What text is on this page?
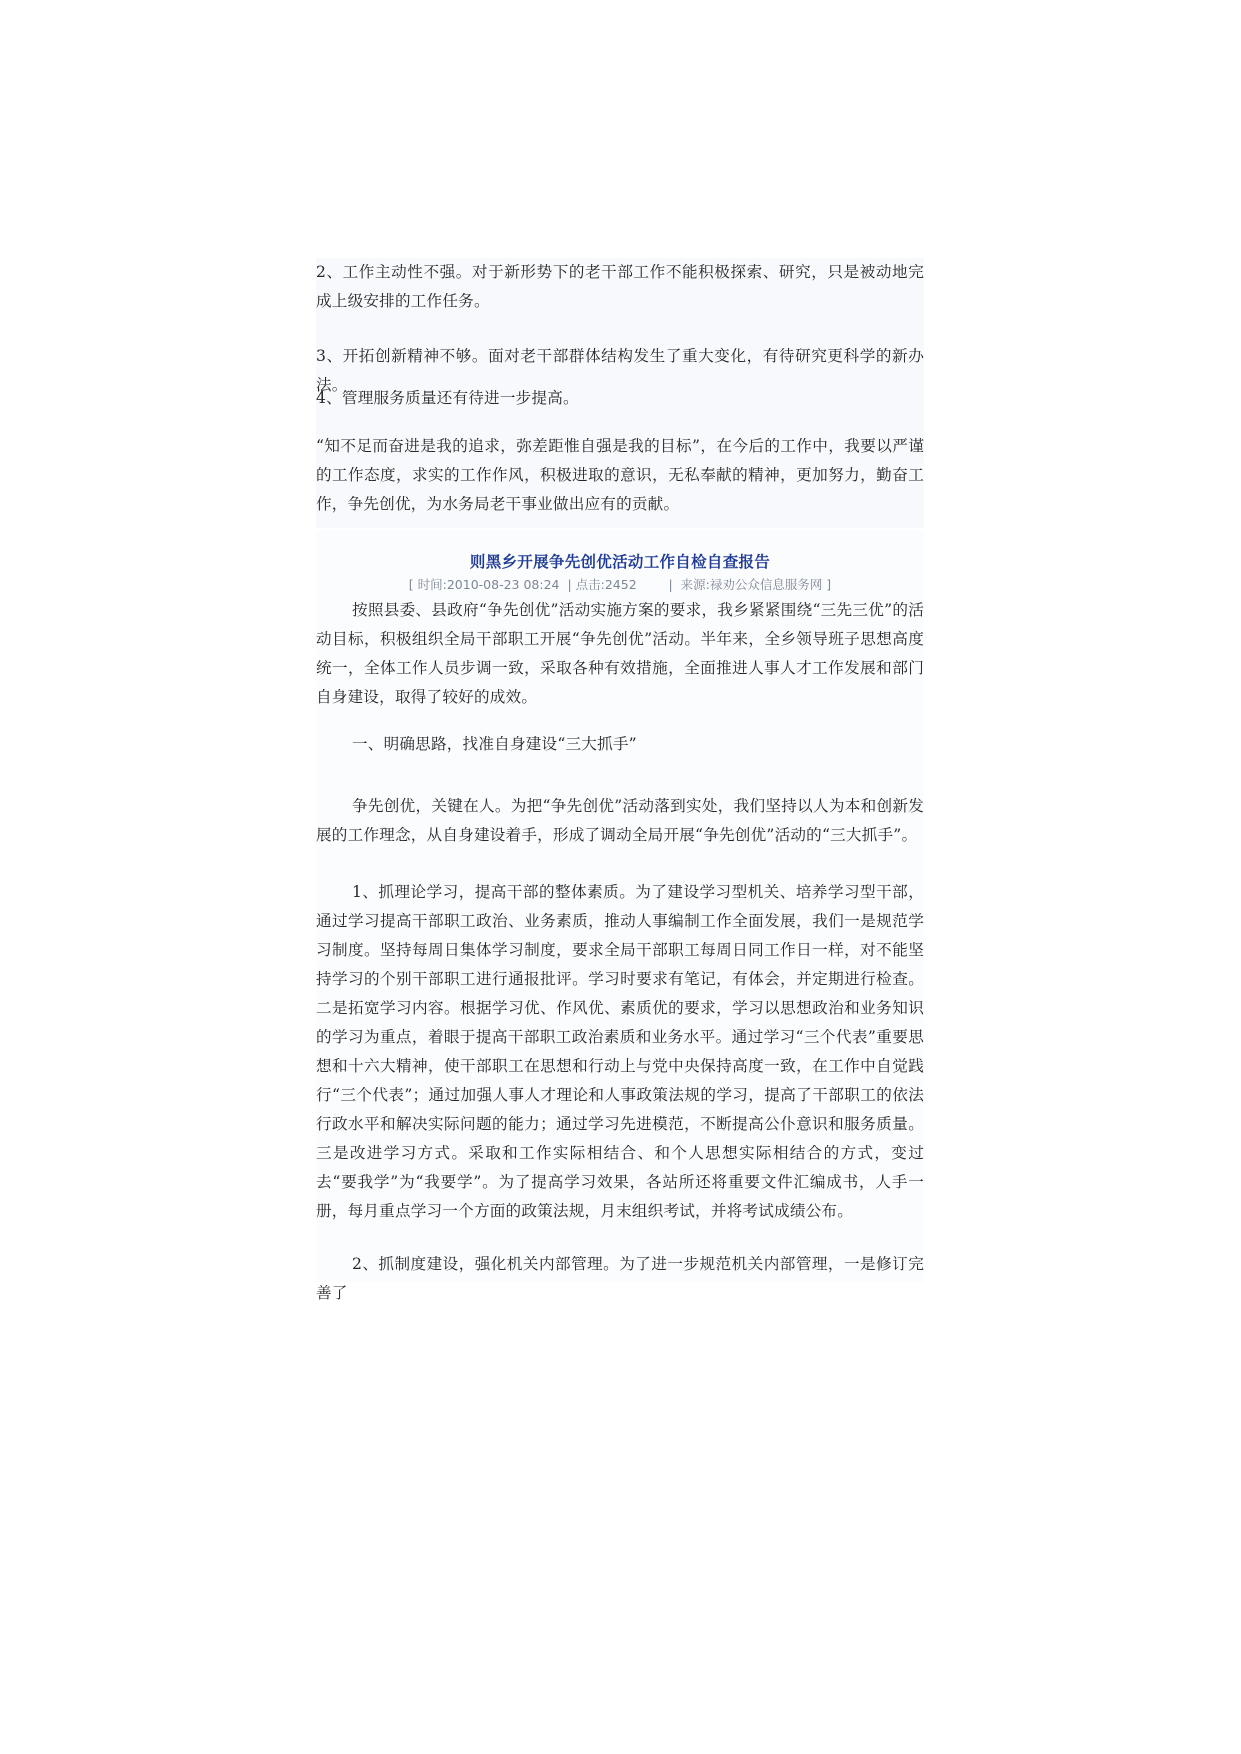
2、工作主动性不强。对于新形势下的老干部工作不能积极探索、研究，只是被动地完成上级安排的工作任务。

3、开拓创新精神不够。面对老干部群体结构发生了重大变化，有待研究更科学的新办法。

4、管理服务质量还有待进一步提高。

“知不足而奋进是我的追求，弥差距惟自强是我的目标”，在今后的工作中，我要以严谨的工作态度，求实的工作作风，积极进取的意识，无私奉献的精神，更加努力，勤奋工作，争先创优，为水务局老干事业做出应有的贡献。

则黑乡开展争先创优活动工作自检自查报告
[ 时间:2010-08-23 08:24 | 点击:2452	|  来源:禄劝公众信息服务网 ]

按照县委、县政府“争先创优”活动实施方案的要求，我乡紧紧围绕“三先三优”的活动目标，积极组织全局干部职工开展“争先创优”活动。半年来，全乡领导班子思想高度统一，全体工作人员步调一致，采取各种有效措施，全面推进人事人才工作发展和部门自身建设，取得了较好的成效。

一、明确思路，找准自身建设“三大抓手”

争先创优，关键在人。为把“争先创优”活动落到实处，我们坚持以人为本和创新发展的工作理念，从自身建设着手，形成了调动全局开展“争先创优”活动的“三大抓手”。

1、抓理论学习，提高干部的整体素质。为了建设学习型机关、培养学习型干部，通过学习提高干部职工政治、业务素质，推动人事编制工作全面发展，我们一是规范学习制度。坚持每周日集体学习制度，要求全局干部职工每周日同工作日一样，对不能坚持学习的个别干部职工进行通报批评。学习时要求有笔记，有体会，并定期进行检查。二是拓宽学习内容。根据学习优、作风优、素质优的要求，学习以思想政治和业务知识的学习为重点，着眼于提高干部职工政治素质和业务水平。通过学习“三个代表”重要思想和十六大精神，使干部职工在思想和行动上与党中央保持高度一致，在工作中自觉践行“三个代表”；通过加强人事人才理论和人事政策法规的学习，提高了干部职工的依法行政水平和解决实际问题的能力；通过学习先进模范，不断提高公仆意识和服务质量。三是改进学习方式。采取和工作实际相结合、和个人思想实际相结合的方式，变过去“要我学”为“我要学”。为了提高学习效果，各站所还将重要文件汇编成书，人手一册，每月重点学习一个方面的政策法规，月末组织考试，并将考试成绩公布。

2、抓制度建设，强化机关内部管理。为了进一步规范机关内部管理，一是修订完善了
